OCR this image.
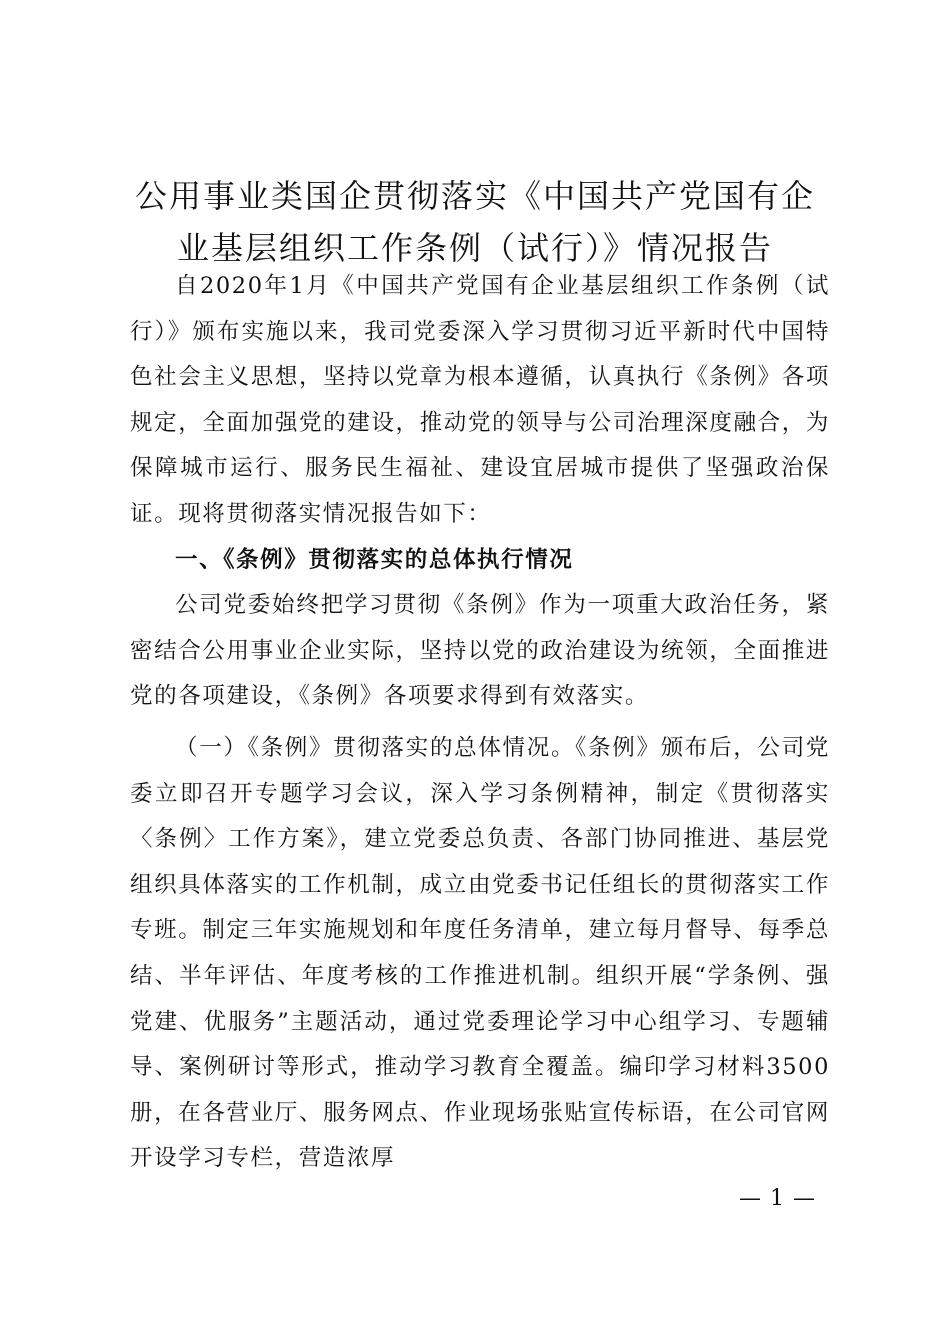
公用事业类国企贯彻落实《中国共产党国有企
业基层组织工作条例（试行）》情况报告

自2020年1月《中国共产党国有企业基层组织工作条例（试行）》颁布实施以来，我司党委深入学习贯彻习近平新时代中国特色社会主义思想，坚持以党章为根本遵循，认真执行《条例》各项规定，全面加强党的建设，推动党的领导与公司治理深度融合，为保障城市运行、服务民生福祉、建设宜居城市提供了坚强政治保证。现将贯彻落实情况报告如下：

一、《条例》贯彻落实的总体执行情况

公司党委始终把学习贯彻《条例》作为一项重大政治任务，紧密结合公用事业企业实际，坚持以党的政治建设为统领，全面推进党的各项建设，《条例》各项要求得到有效落实。

（一）《条例》贯彻落实的总体情况。《条例》颁布后，公司党委立即召开专题学习会议，深入学习条例精神，制定《贯彻落实〈条例〉工作方案》，建立党委总负责、各部门协同推进、基层党组织具体落实的工作机制，成立由党委书记任组长的贯彻落实工作专班。制定三年实施规划和年度任务清单，建立每月督导、每季总结、半年评估、年度考核的工作推进机制。组织开展“学条例、强党建、优服务”主题活动，通过党委理论学习中心组学习、专题辅导、案例研讨等形式，推动学习教育全覆盖。编印学习材料3500册，在各营业厅、服务网点、作业现场张贴宣传标语，在公司官网开设学习专栏，营造浓厚

— 1 —
